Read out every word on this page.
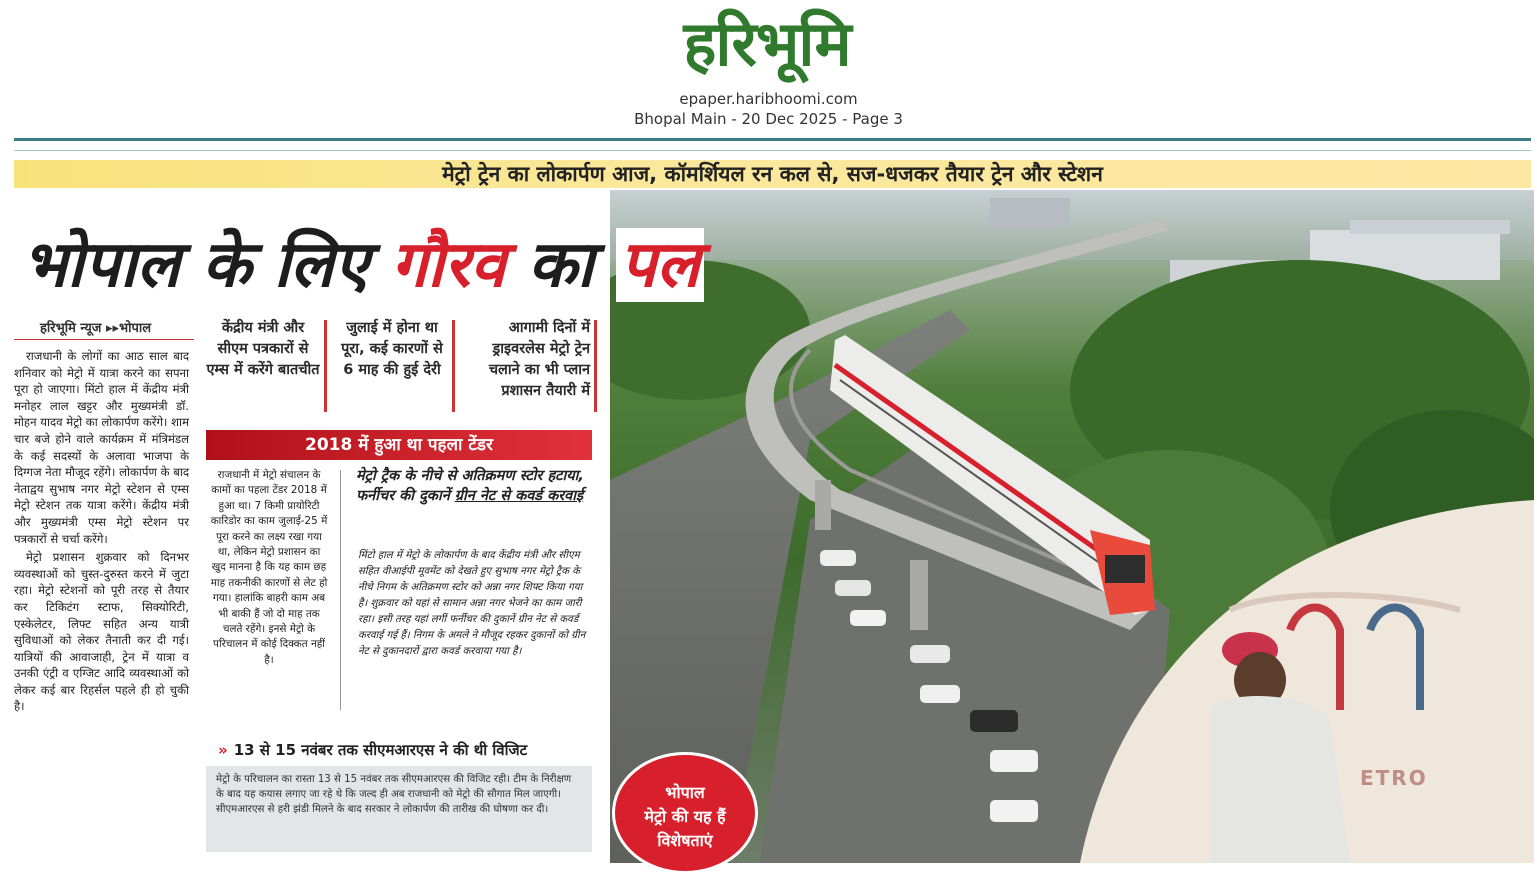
हरिभूमि
epaper.haribhoomi.com
Bhopal Main - 20 Dec 2025 - Page 3
मेट्रो ट्रेन का लोकार्पण आज, कॉमर्शियल रन कल से, सज-धजकर तैयार ट्रेन और स्टेशन
भोपाल के लिए गौरव का पल
हरिभूमि न्यूज ▸▸भोपाल

राजधानी के लोगों का आठ साल बाद शनिवार को मेट्रो में यात्रा करने का सपना पूरा हो जाएगा। मिंटो हाल में केंद्रीय मंत्री मनोहर लाल खट्टर और मुख्यमंत्री डॉ. मोहन यादव मेट्रो का लोकार्पण करेंगे। शाम चार बजे होने वाले कार्यक्रम में मंत्रिमंडल के कई सदस्यों के अलावा भाजपा के दिग्गज नेता मौजूद रहेंगे। लोकार्पण के बाद नेताद्वय सुभाष नगर मेट्रो स्टेशन से एम्स मेट्रो स्टेशन तक यात्रा करेंगे। केंद्रीय मंत्री और मुख्यमंत्री एम्स मेट्रो स्टेशन पर पत्रकारों से चर्चा करेंगे।

मेट्रो प्रशासन शुक्रवार को दिनभर व्यवस्थाओं को चुस्त-दुरुस्त करने में जुटा रहा। मेट्रो स्टेशनों को पूरी तरह से तैयार कर टिकिटंग स्टाफ, सिक्योरिटी, एस्केलेटर, लिफ्ट सहित अन्य यात्री सुविधाओं को लेकर तैनाती कर दी गई। यात्रियों की आवाजाही, ट्रेन में यात्रा व उनकी एंट्री व एग्जिट आदि व्यवस्थाओं को लेकर कई बार रिहर्सल पहले ही हो चुकी है।

केंद्रीय मंत्री और सीएम पत्रकारों से एम्स में करेंगे बातचीत
जुलाई में होना था पूरा, कई कारणों से 6 माह की हुई देरी
आगामी दिनों में ड्राइवरलेस मेट्रो ट्रेन चलाने का भी प्लान प्रशासन तैयारी में
2018 में हुआ था पहला टेंडर
राजधानी में मेट्रो संचालन के कामों का पहला टेंडर 2018 में हुआ था। 7 किमी प्रायोरिटी कारिडोर का काम जुलाई-25 में पूरा करने का लक्ष्य रखा गया था, लेकिन मेट्रो प्रशासन का खुद मानना है कि यह काम छह माह तकनीकी कारणों से लेट हो गया। हालांकि बाहरी काम अब भी बाकी हैं जो दो माह तक चलते रहेंगे। इनसे मेट्रो के परिचालन में कोई दिक्कत नहीं है।
मेट्रो ट्रैक के नीचे से अतिक्रमण स्टोर हटाया, फर्नीचर की दुकानें ग्रीन नेट से कवर्ड करवाई
मिंटो हाल में मेट्रो के लोकार्पण के बाद केंद्रीय मंत्री और सीएम सहित वीआईपी मूवमेंट को देखते हुए सुभाष नगर मेट्रो ट्रैक के नीचे निगम के अतिक्रमण स्टोर को अन्ना नगर शिफ्ट किया गया है। शुक्रवार को यहां से सामान अन्ना नगर भेजने का काम जारी रहा। इसी तरह यहां लगीं फर्नीचर की दुकानें ग्रीन नेट से कवर्ड करवाई गई हैं। निगम के अमले ने मौजूद रहकर दुकानों को ग्रीन नेट से दुकानदारों द्वारा कवर्ड करवाया गया है।
» 13 से 15 नवंबर तक सीएमआरएस ने की थी विजिट
मेट्रो के परिचालन का रास्ता 13 से 15 नवंबर तक सीएमआरएस की विजिट रही। टीम के निरीक्षण के बाद यह कयास लगाए जा रहे थे कि जल्द ही अब राजधानी को मेट्रो की सौगात मिल जाएगी। सीएमआरएस से हरी झंडी मिलने के बाद सरकार ने लोकार्पण की तारीख की घोषणा कर दी।
भोपाल
मेट्रो की यह हैं
विशेषताएं
ETRO
